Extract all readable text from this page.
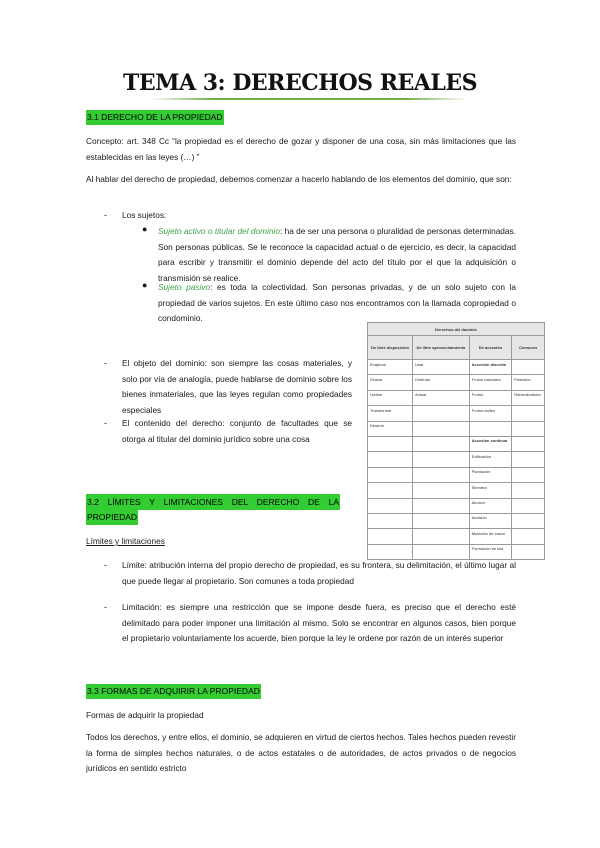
TEMA 3: DERECHOS REALES
3.1 DERECHO DE LA PROPIEDAD
Concepto: art. 348 Cc “la propiedad es el derecho de gozar y disponer de una cosa, sin más limitaciones que las establecidas en las leyes (…) ”
Al hablar del derecho de propiedad, debemos comenzar a hacerlo hablando de los elementos del dominio, que son:
- Los sujetos:
● Sujeto activo o titular del dominio: ha de ser una persona o pluralidad de personas determinadas. Son personas públicas. Se le reconoce la capacidad actual o de ejercicio, es decir, la capacidad para escribir y transmitir el dominio depende del acto del título por el que la adquisición o transmisión se realice.
● Sujeto pasivo: es toda la colectividad. Son personas privadas, y de un solo sujeto con la propiedad de varios sujetos. En este último caso nos encontramos con la llamada copropiedad o condominio.
- El objeto del dominio: son siempre las cosas materiales, y solo por vía de analogía, puede hablarse de dominio sobre los bienes inmateriales, que las leyes regulan como propiedades especiales
- El contenido del derecho: conjunto de facultades que se otorga al titular del dominio jurídico sobre una cosa
Derechos del dominio			
De libre disposición	De libre aprovechamiento	De accesión	Comunes
Enajenar	Usar	Accesión discreta	
Gravar	Disfrutar	Frutos naturales	Posesión
Limitar	Actuar	Frutos	Reivindicatoria
Transformar		Frutos civiles	
Destruir			
		Accesión continua	
		Edificación	
		Plantación	
		Siembra	
		Aluvión	
		Avulsión	
		Mutación de cauce	
		Formación de isla	
3.2 LÍMITES Y LIMITACIONES DEL DERECHO DE LA
PROPIEDAD
Límites y limitaciones
- Límite: atribución interna del propio derecho de propiedad, es su frontera, su delimitación, el último lugar al que puede llegar al propietario. Son comunes a toda propiedad
- Limitación: es siempre una restricción que se impone desde fuera, es preciso que el derecho esté delimitado para poder imponer una limitación al mismo. Solo se encontrar en algunos casos, bien porque el propietario voluntariamente los acuerde, bien porque la ley le ordene por razón de un interés superior
3.3 FORMAS DE ADQUIRIR LA PROPIEDAD
Formas de adquirir la propiedad
Todos los derechos, y entre ellos, el dominio, se adquieren en virtud de ciertos hechos. Tales hechos pueden revestir la forma de simples hechos naturales, o de actos estatales o de autoridades, de actos privados o de negocios jurídicos en sentido estricto
